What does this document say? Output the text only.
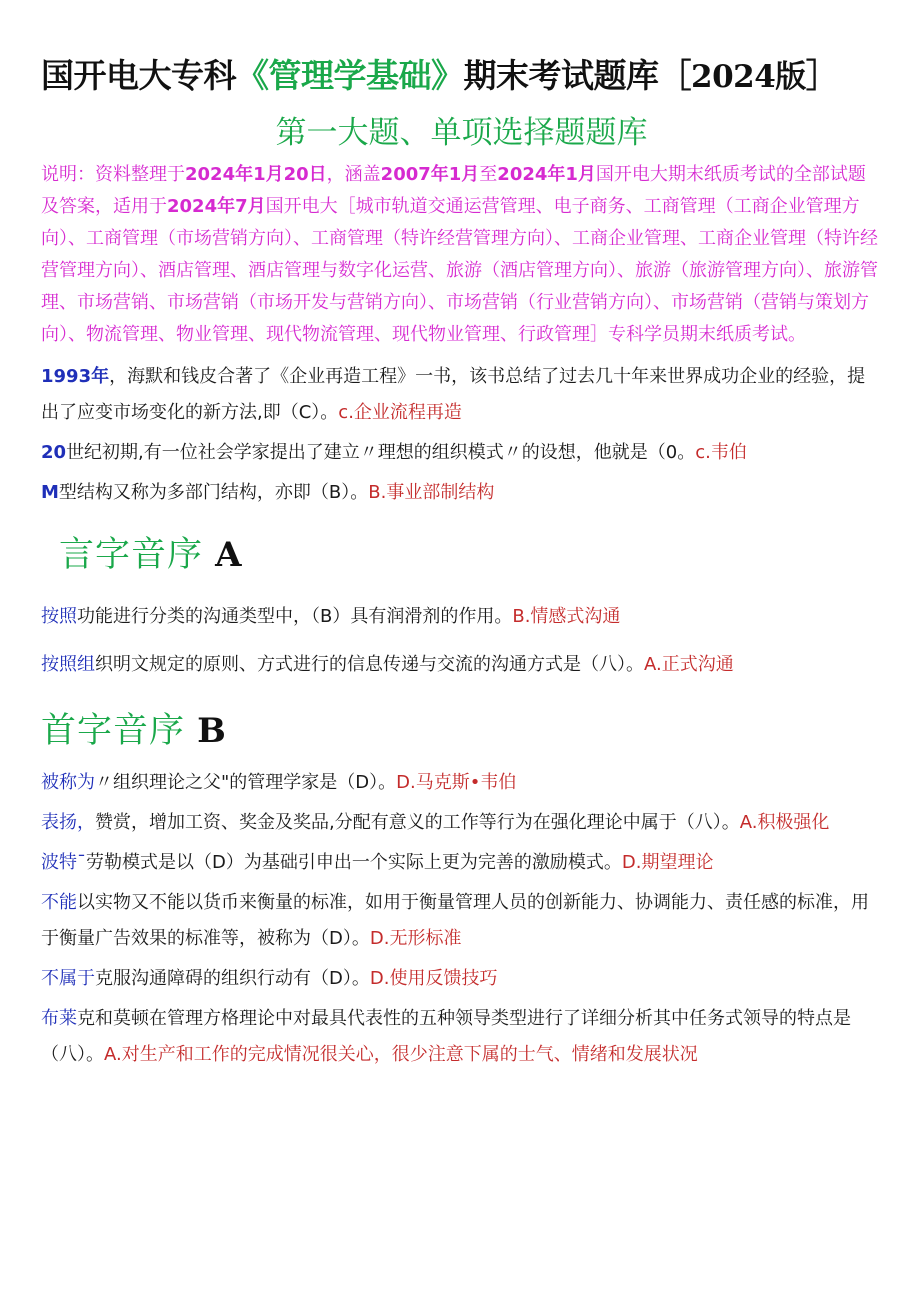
国开电大专科《管理学基础》期末考试题库［2024版］
第一大题、单项选择题题库

说明：资料整理于2024年1月20日，涵盖2007年1月至2024年1月国开电大期末纸质考试的全部试题及答案，适用于2024年7月国开电大［城市轨道交通运营管理、电子商务、工商管理（工商企业管理方向）、工商管理（市场营销方向）、工商管理（特许经营管理方向）、工商企业管理、工商企业管理（特许经营管理方向）、酒店管理、酒店管理与数字化运营、旅游（酒店管理方向）、旅游（旅游管理方向）、旅游管理、市场营销、市场营销（市场开发与营销方向）、市场营销（行业营销方向）、市场营销（营销与策划方向）、物流管理、物业管理、现代物流管理、现代物业管理、行政管理］专科学员期末纸质考试。

1993年，海默和钱皮合著了《企业再造工程》一书，该书总结了过去几十年来世界成功企业的经验，提出了应变市场变化的新方法,即（C）。c.企业流程再造

20世纪初期,有一位社会学家提出了建立〃理想的组织模式〃的设想，他就是（0。c.韦伯

M型结构又称为多部门结构，亦即（B）。B.事业部制结构

言字音序 A

按照功能进行分类的沟通类型中，（B）具有润滑剂的作用。B.情感式沟通

按照组织明文规定的原则、方式进行的信息传递与交流的沟通方式是（八）。A.正式沟通

首字音序 B

被称为〃组织理论之父"的管理学家是（D）。D.马克斯•韦伯

表扬，赞赏，增加工资、奖金及奖品,分配有意义的工作等行为在强化理论中属于（八）。A.积极强化

波特¯劳勒模式是以（D）为基础引申出一个实际上更为完善的激励模式。D.期望理论

不能以实物又不能以货币来衡量的标准，如用于衡量管理人员的创新能力、协调能力、责任感的标准，用于衡量广告效果的标准等，被称为（D）。D.无形标准

不属于克服沟通障碍的组织行动有（D）。D.使用反馈技巧

布莱克和莫顿在管理方格理论中对最具代表性的五种领导类型进行了详细分析其中任务式领导的特点是（八）。A.对生产和工作的完成情况很关心，很少注意下属的士气、情绪和发展状况
